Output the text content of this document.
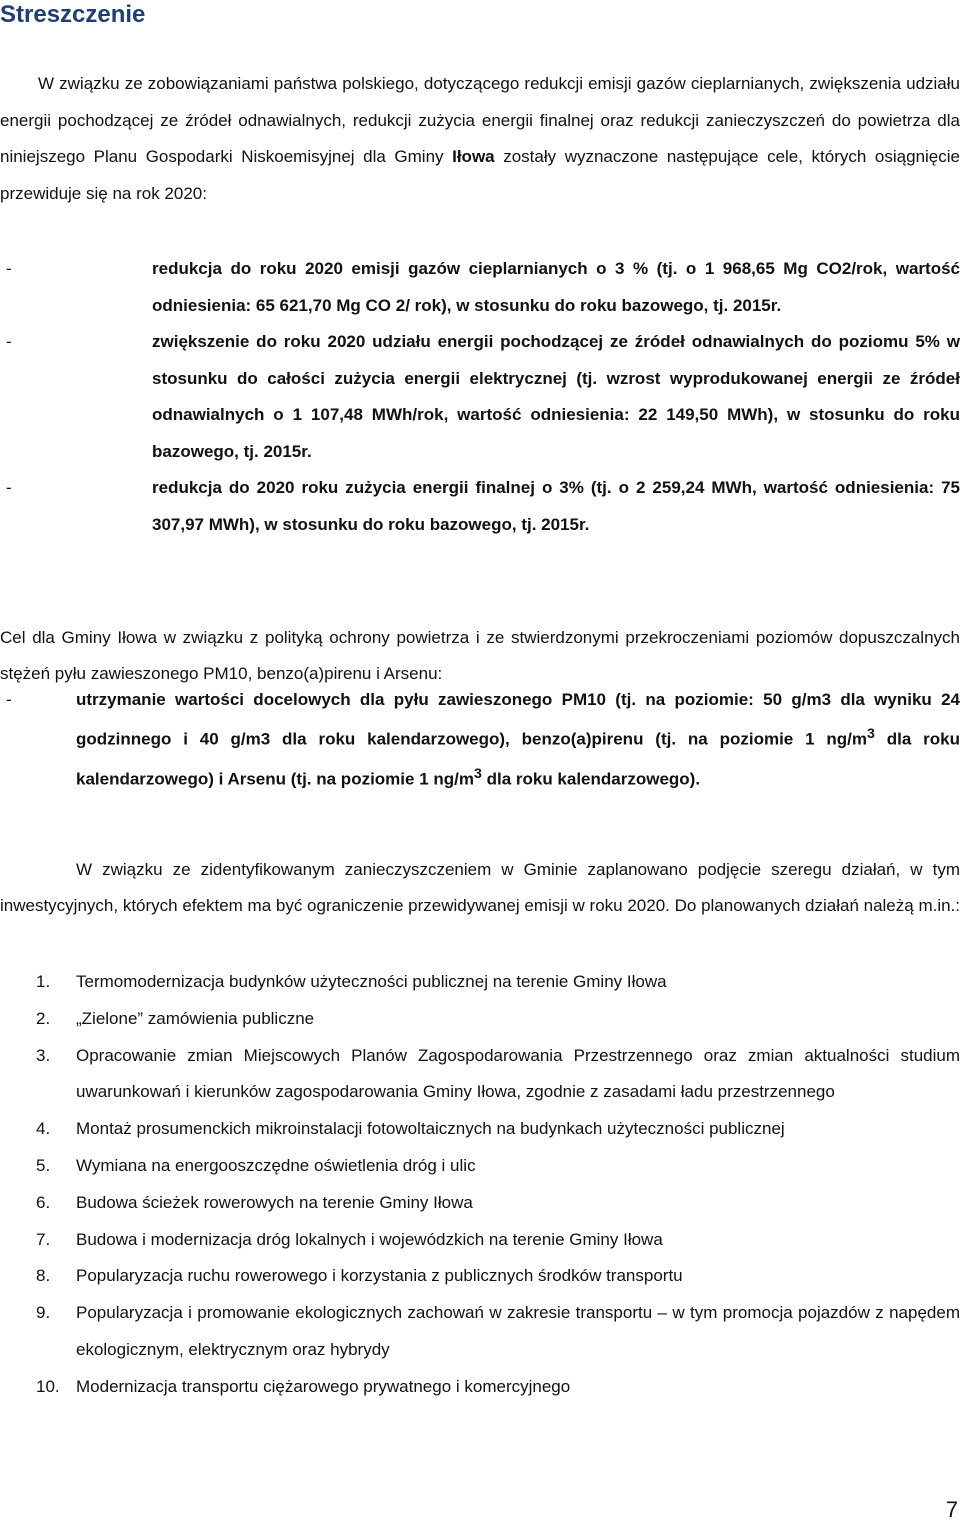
Streszczenie

W związku ze zobowiązaniami państwa polskiego, dotyczącego redukcji emisji gazów cieplarnianych, zwiększenia udziału energii pochodzącej ze źródeł odnawialnych, redukcji zużycia energii finalnej oraz redukcji zanieczyszczeń do powietrza dla niniejszego Planu Gospodarki Niskoemisyjnej dla Gminy Iłowa zostały wyznaczone następujące cele, których osiągnięcie przewiduje się na rok 2020:

-	redukcja do roku 2020 emisji gazów cieplarnianych o 3 % (tj. o 1 968,65 Mg CO2/rok, wartość odniesienia: 65 621,70 Mg CO 2/ rok), w stosunku do roku bazowego, tj. 2015r.
-	zwiększenie do roku 2020 udziału energii pochodzącej ze źródeł odnawialnych do poziomu 5% w stosunku do całości zużycia energii elektrycznej (tj. wzrost wyprodukowanej energii ze źródeł odnawialnych o 1 107,48 MWh/rok, wartość odniesienia: 22 149,50 MWh), w stosunku do roku bazowego, tj. 2015r.
-	redukcja do 2020 roku zużycia energii finalnej o 3% (tj. o 2 259,24 MWh, wartość odniesienia: 75 307,97 MWh), w stosunku do roku bazowego, tj. 2015r.

Cel dla Gminy Iłowa w związku z polityką ochrony powietrza i ze stwierdzonymi przekroczeniami poziomów dopuszczalnych stężeń pyłu zawieszonego PM10, benzo(a)pirenu i Arsenu:

-	utrzymanie wartości docelowych dla pyłu zawieszonego PM10 (tj. na poziomie: 50 g/m3 dla wyniku 24 godzinnego i 40 g/m3 dla roku kalendarzowego), benzo(a)pirenu (tj. na poziomie 1 $ng/m^3$ dla roku kalendarzowego) i Arsenu (tj. na poziomie 1 $ng/m^3$ dla roku kalendarzowego).

W związku ze zidentyfikowanym zanieczyszczeniem w Gminie zaplanowano podjęcie szeregu działań, w tym inwestycyjnych, których efektem ma być ograniczenie przewidywanej emisji w roku 2020. Do planowanych działań należą m.in.:

1. Termomodernizacja budynków użyteczności publicznej na terenie Gminy Iłowa
2. „Zielone” zamówienia publiczne
3. Opracowanie zmian Miejscowych Planów Zagospodarowania Przestrzennego oraz zmian aktualności studium uwarunkowań i kierunków zagospodarowania Gminy Iłowa, zgodnie z zasadami ładu przestrzennego
4. Montaż prosumenckich mikroinstalacji fotowoltaicznych na budynkach użyteczności publicznej
5. Wymiana na energooszczędne oświetlenia dróg i ulic
6. Budowa ścieżek rowerowych na terenie Gminy Iłowa
7. Budowa i modernizacja dróg lokalnych i wojewódzkich na terenie Gminy Iłowa
8. Popularyzacja ruchu rowerowego i korzystania z publicznych środków transportu
9. Popularyzacja i promowanie ekologicznych zachowań w zakresie transportu – w tym promocja pojazdów z napędem ekologicznym, elektrycznym oraz hybrydy
10. Modernizacja transportu ciężarowego prywatnego i komercyjnego
7
